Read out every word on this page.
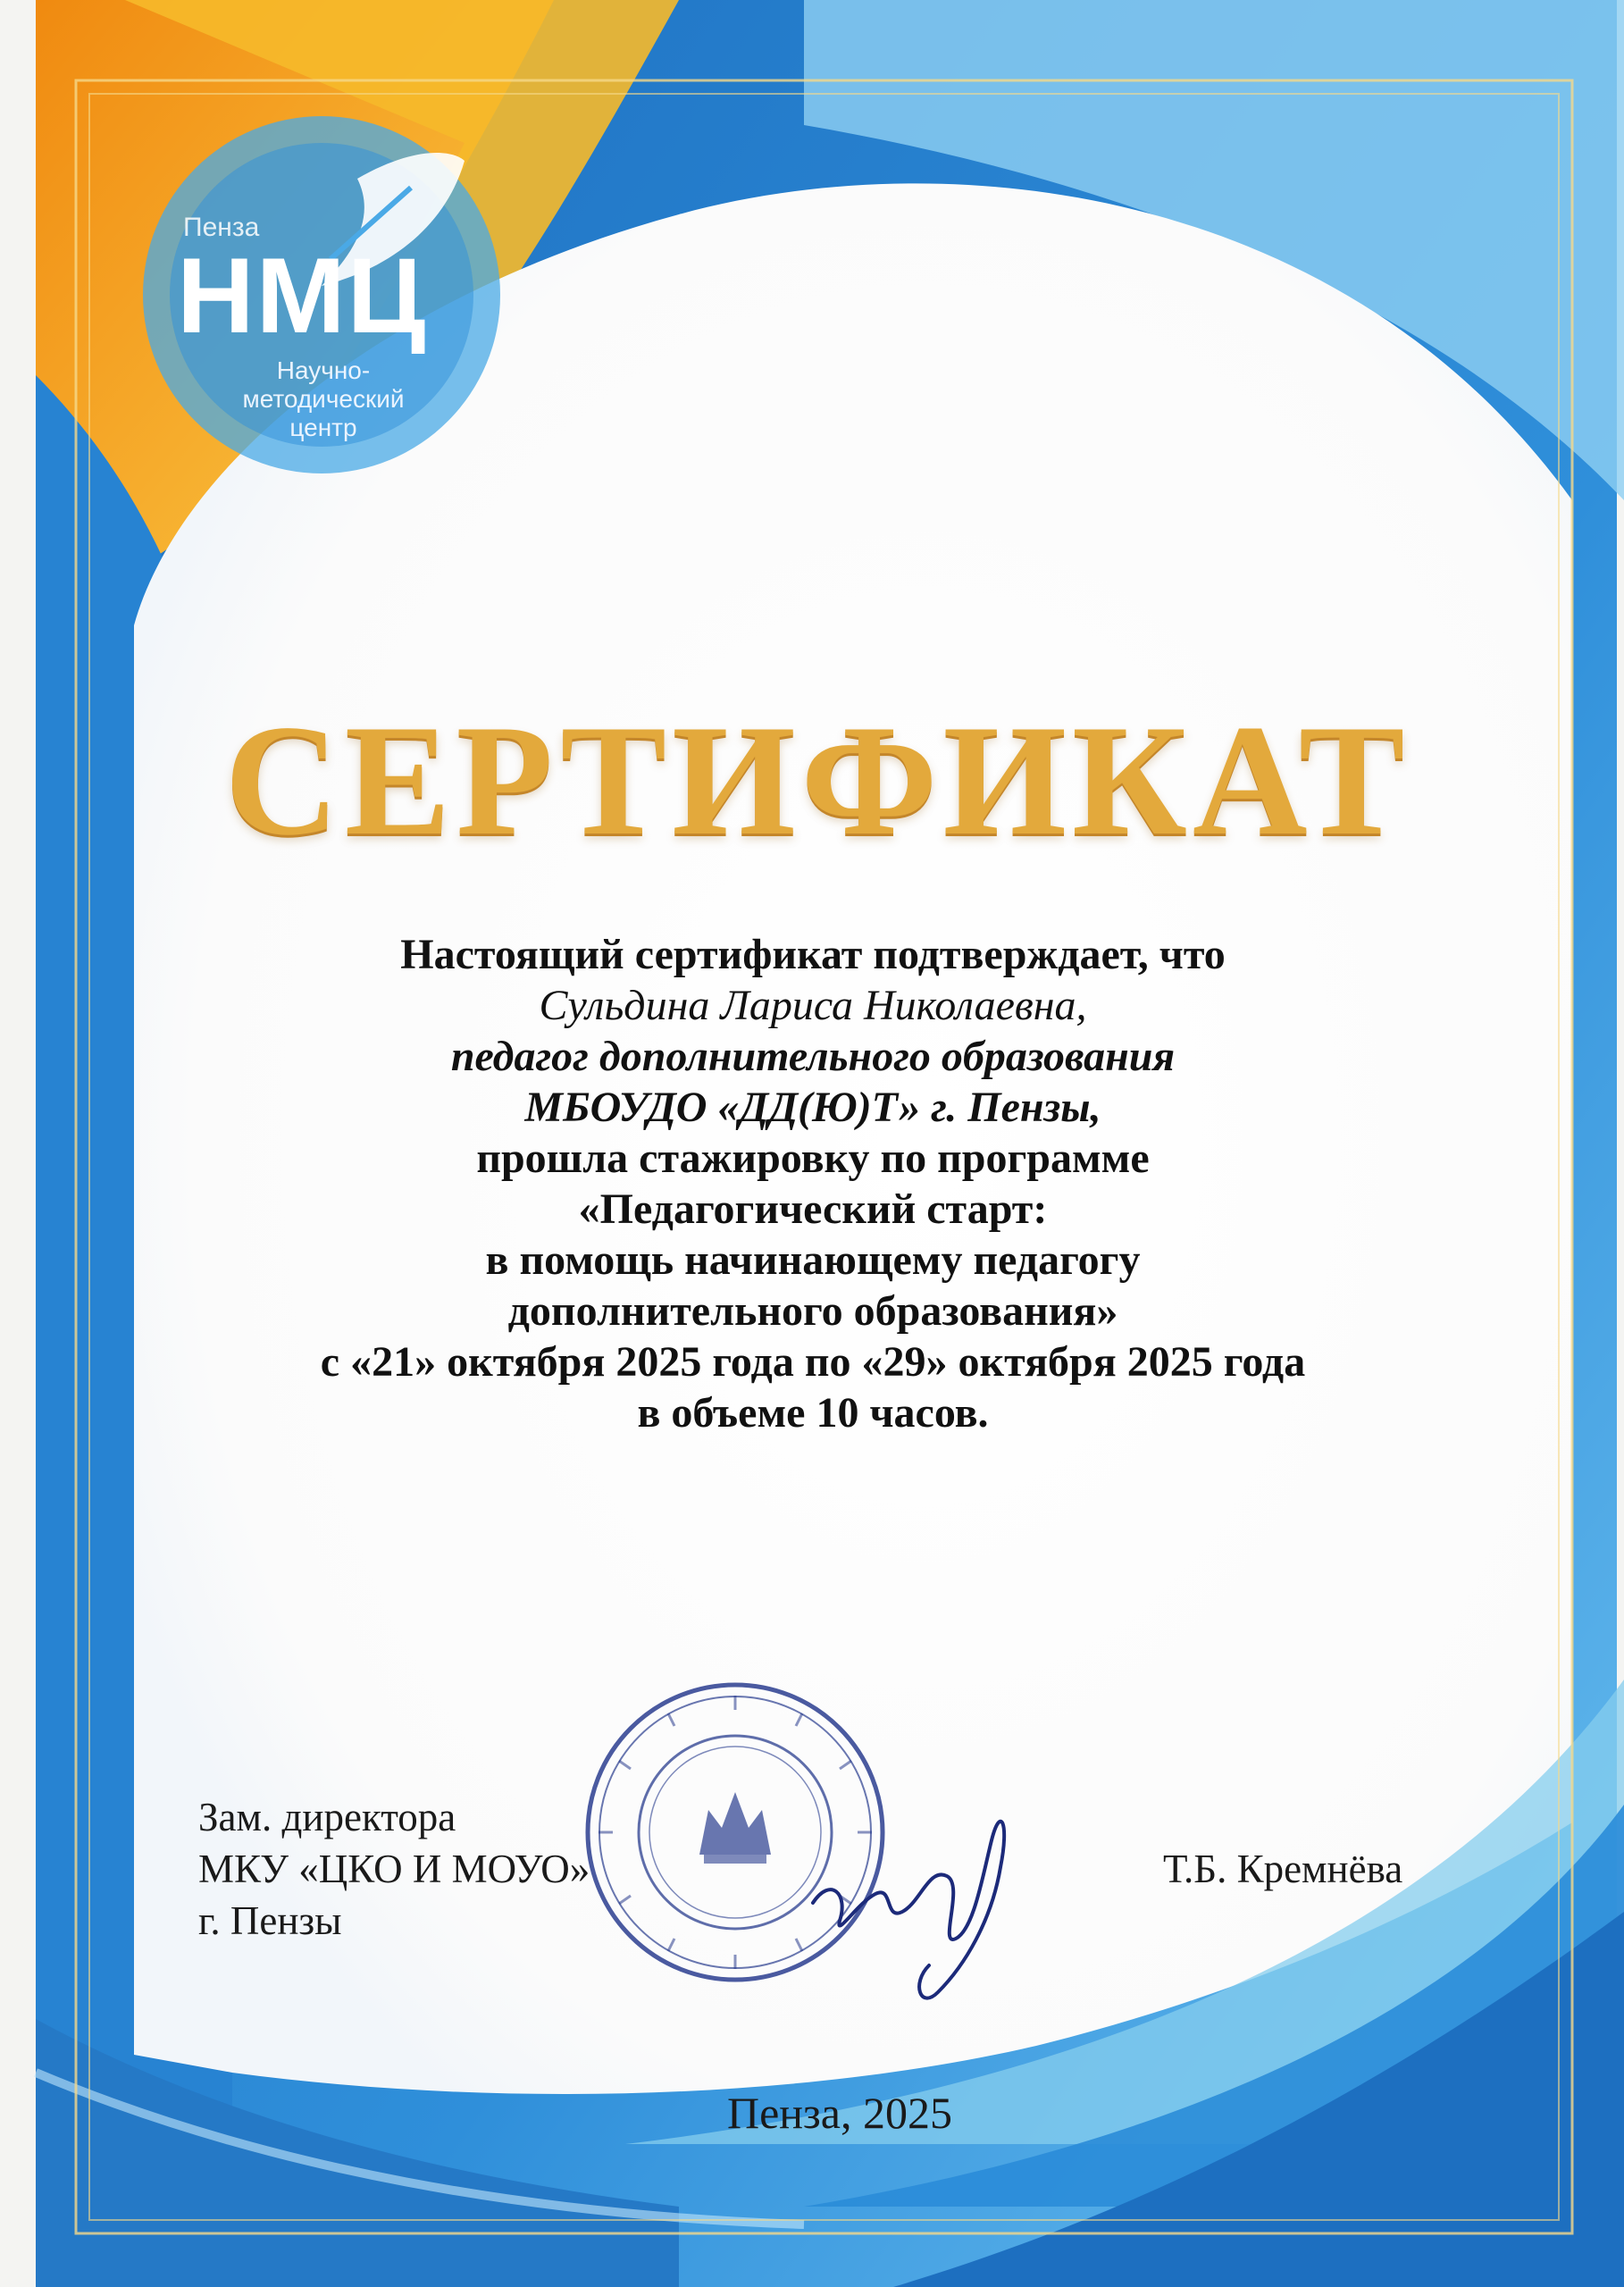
Пенза
НМЦ
Научно-
методический
центр
СЕРТИФИКАТ
Настоящий сертификат подтверждает, что
Сульдина Лариса Николаевна,
педагог дополнительного образования
МБОУДО «ДД(Ю)Т» г. Пензы,
прошла стажировку по программе
«Педагогический старт:
в помощь начинающему педагогу
дополнительного образования»
с «21» октября 2025 года по «29» октября 2025 года
в объеме 10 часов.
Зам. директора
МКУ «ЦКО И МОУО»
г. Пензы
Т.Б. Кремнёва
Пенза, 2025
